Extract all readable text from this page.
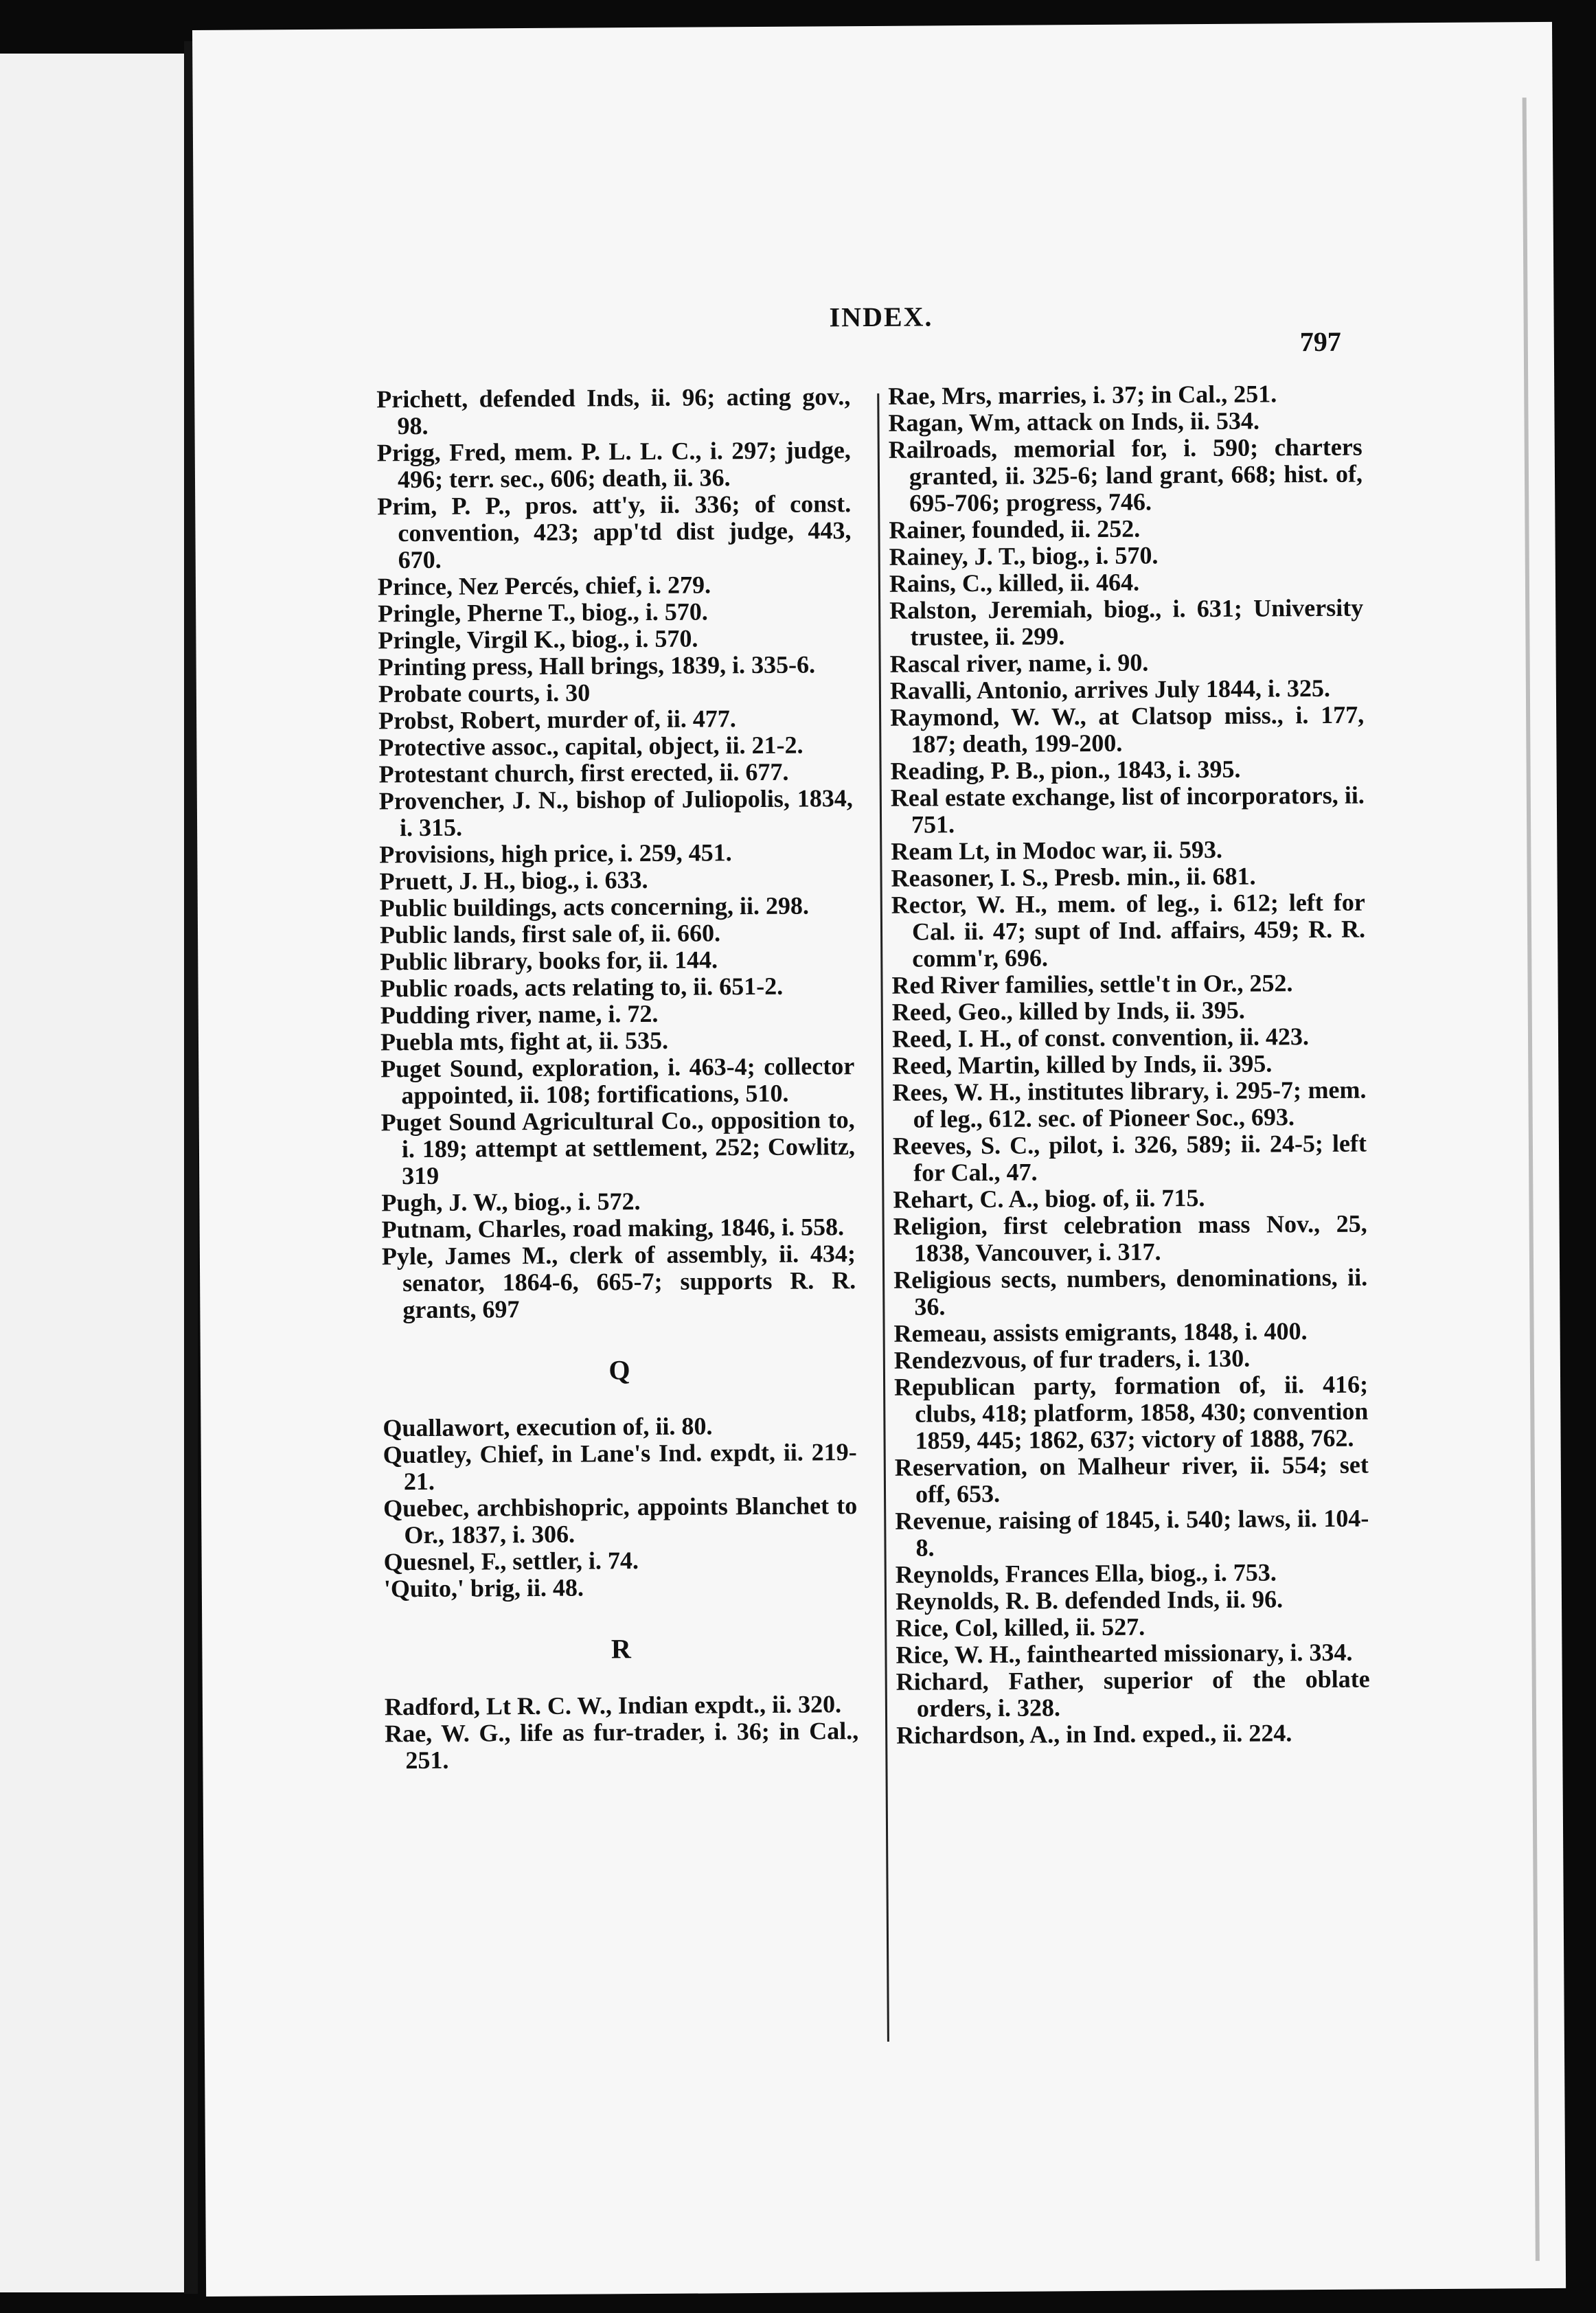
INDEX.
797
Prichett, defended Inds, ii. 96; acting gov., 98.
Prigg, Fred, mem. P. L. L. C., i. 297; judge, 496; terr. sec., 606; death, ii. 36.
Prim, P. P., pros. att'y, ii. 336; of const. convention, 423; app'td dist judge, 443, 670.
Prince, Nez Percés, chief, i. 279.
Pringle, Pherne T., biog., i. 570.
Pringle, Virgil K., biog., i. 570.
Printing press, Hall brings, 1839, i. 335-6.
Probate courts, i. 30
Probst, Robert, murder of, ii. 477.
Protective assoc., capital, object, ii. 21-2.
Protestant church, first erected, ii. 677.
Provencher, J. N., bishop of Juliopolis, 1834, i. 315.
Provisions, high price, i. 259, 451.
Pruett, J. H., biog., i. 633.
Public buildings, acts concerning, ii. 298.
Public lands, first sale of, ii. 660.
Public library, books for, ii. 144.
Public roads, acts relating to, ii. 651-2.
Pudding river, name, i. 72.
Puebla mts, fight at, ii. 535.
Puget Sound, exploration, i. 463-4; collector appointed, ii. 108; fortifications, 510.
Puget Sound Agricultural Co., opposition to, i. 189; attempt at settlement, 252; Cowlitz, 319
Pugh, J. W., biog., i. 572.
Putnam, Charles, road making, 1846, i. 558.
Pyle, James M., clerk of assembly, ii. 434; senator, 1864-6, 665-7; supports R. R. grants, 697
Q
Quallawort, execution of, ii. 80.
Quatley, Chief, in Lane's Ind. expdt, ii. 219-21.
Quebec, archbishopric, appoints Blanchet to Or., 1837, i. 306.
Quesnel, F., settler, i. 74.
'Quito,' brig, ii. 48.
R
Radford, Lt R. C. W., Indian expdt., ii. 320.
Rae, W. G., life as fur-trader, i. 36; in Cal., 251.
Rae, Mrs, marries, i. 37; in Cal., 251.
Ragan, Wm, attack on Inds, ii. 534.
Railroads, memorial for, i. 590; charters granted, ii. 325-6; land grant, 668; hist. of, 695-706; progress, 746.
Rainer, founded, ii. 252.
Rainey, J. T., biog., i. 570.
Rains, C., killed, ii. 464.
Ralston, Jeremiah, biog., i. 631; University trustee, ii. 299.
Rascal river, name, i. 90.
Ravalli, Antonio, arrives July 1844, i. 325.
Raymond, W. W., at Clatsop miss., i. 177, 187; death, 199-200.
Reading, P. B., pion., 1843, i. 395.
Real estate exchange, list of incorporators, ii. 751.
Ream Lt, in Modoc war, ii. 593.
Reasoner, I. S., Presb. min., ii. 681.
Rector, W. H., mem. of leg., i. 612; left for Cal. ii. 47; supt of Ind. affairs, 459; R. R. comm'r, 696.
Red River families, settle't in Or., 252.
Reed, Geo., killed by Inds, ii. 395.
Reed, I. H., of const. convention, ii. 423.
Reed, Martin, killed by Inds, ii. 395.
Rees, W. H., institutes library, i. 295-7; mem. of leg., 612. sec. of Pioneer Soc., 693.
Reeves, S. C., pilot, i. 326, 589; ii. 24-5; left for Cal., 47.
Rehart, C. A., biog. of, ii. 715.
Religion, first celebration mass Nov., 25, 1838, Vancouver, i. 317.
Religious sects, numbers, denominations, ii. 36.
Remeau, assists emigrants, 1848, i. 400.
Rendezvous, of fur traders, i. 130.
Republican party, formation of, ii. 416; clubs, 418; platform, 1858, 430; convention 1859, 445; 1862, 637; victory of 1888, 762.
Reservation, on Malheur river, ii. 554; set off, 653.
Revenue, raising of 1845, i. 540; laws, ii. 104-8.
Reynolds, Frances Ella, biog., i. 753.
Reynolds, R. B. defended Inds, ii. 96.
Rice, Col, killed, ii. 527.
Rice, W. H., fainthearted missionary, i. 334.
Richard, Father, superior of the oblate orders, i. 328.
Richardson, A., in Ind. exped., ii. 224.
